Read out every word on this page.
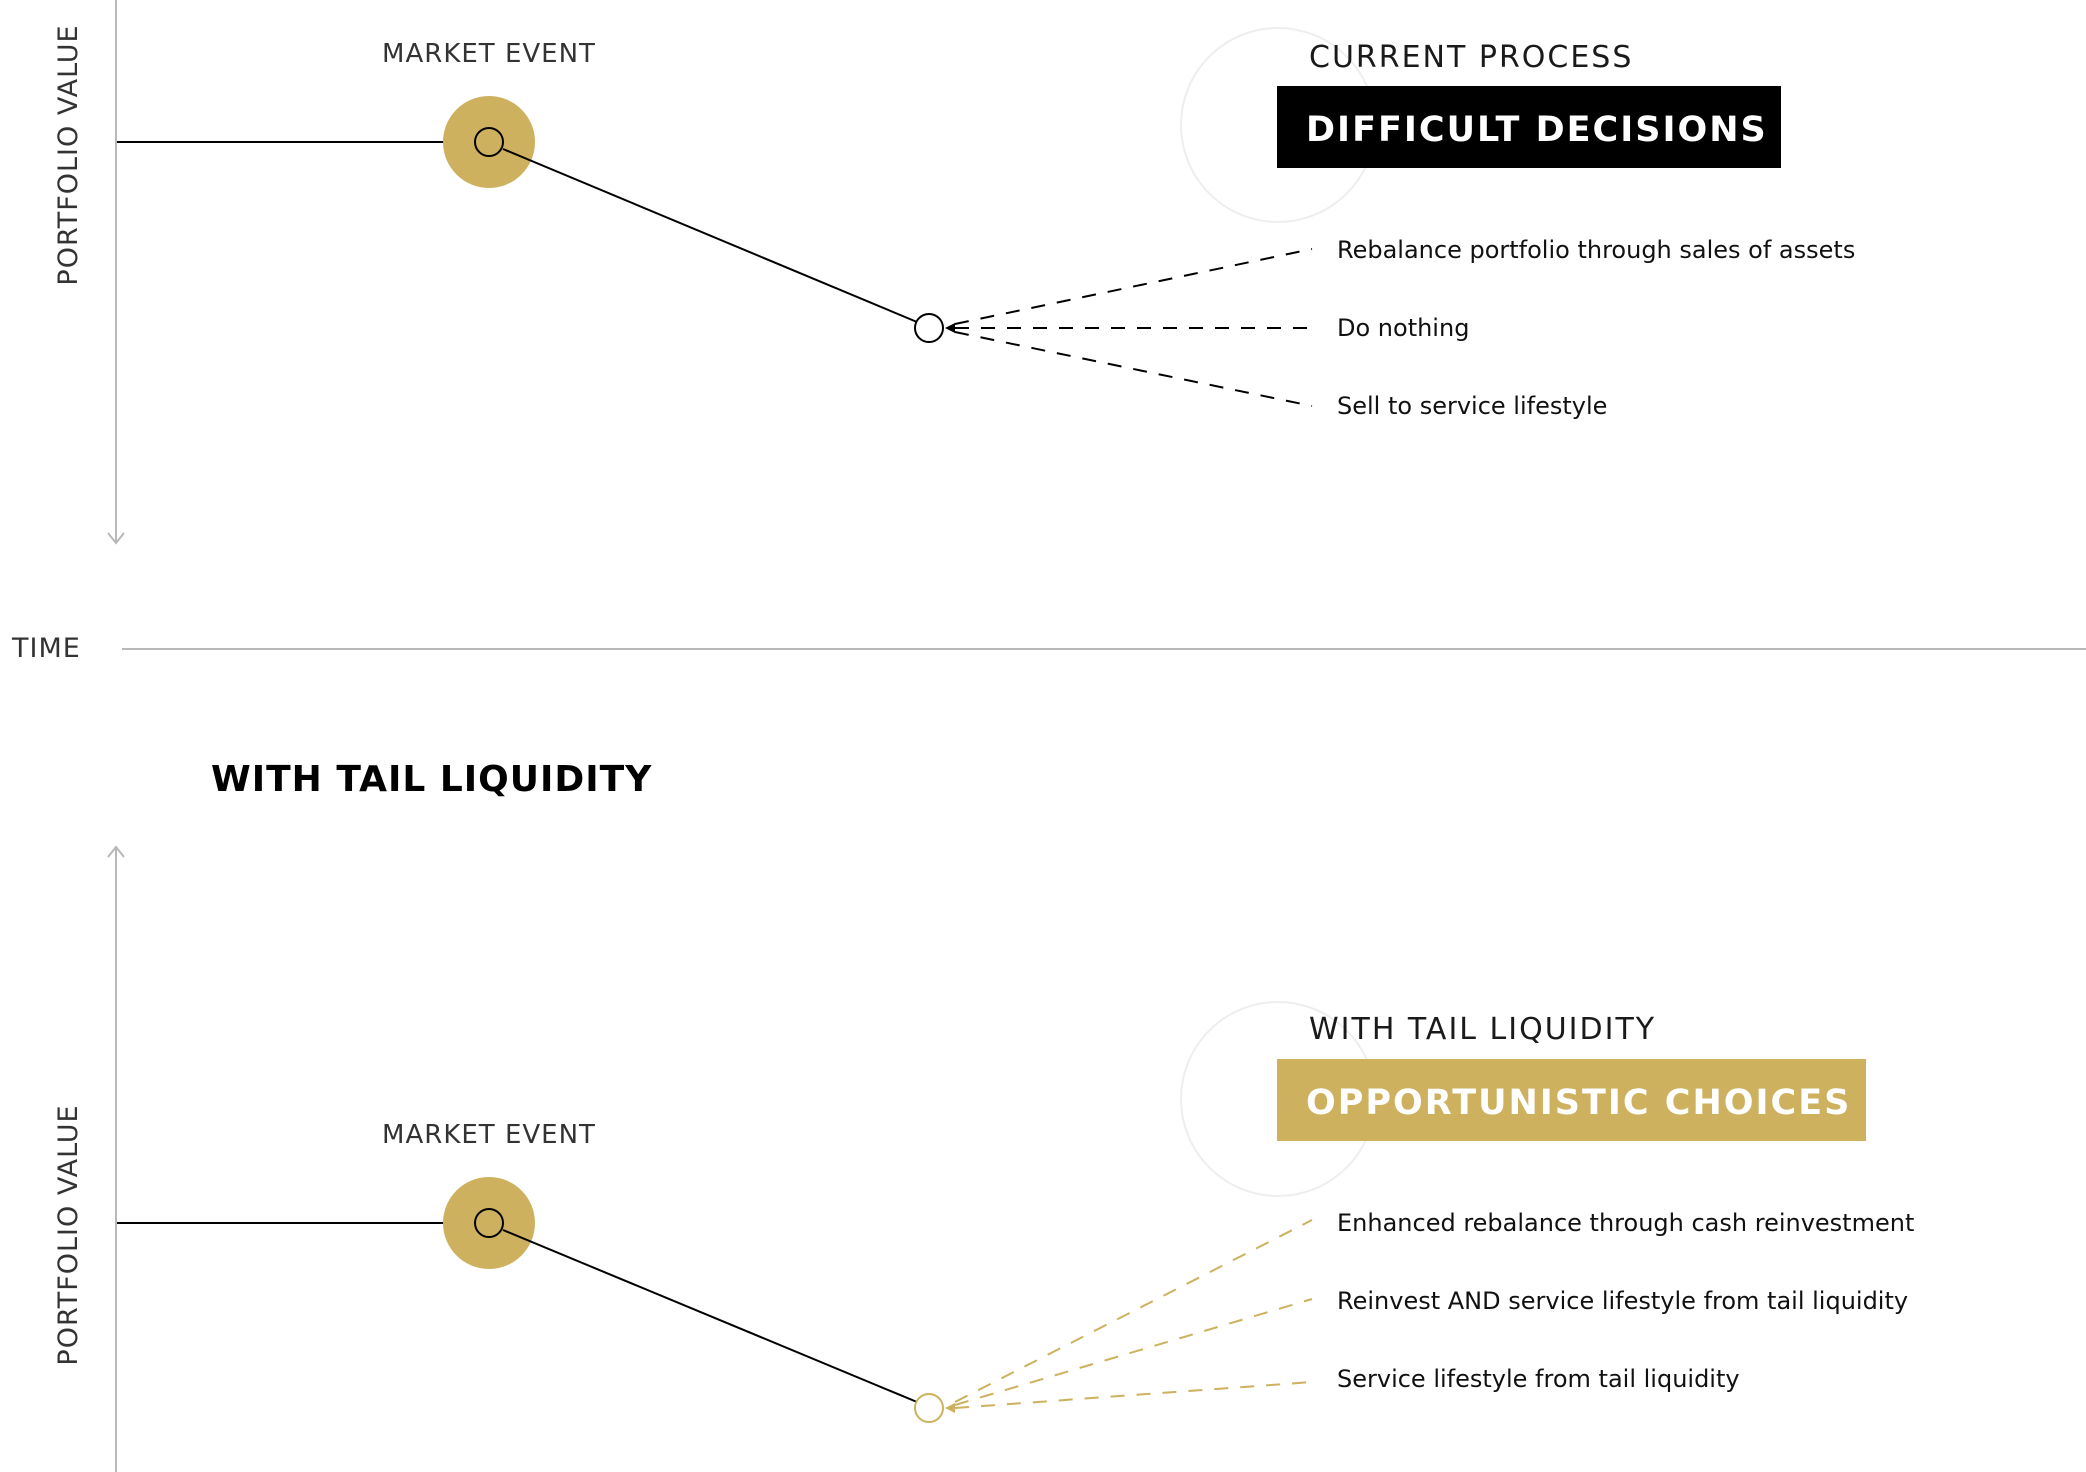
PORTFOLIO VALUE	MARKET EVENT
Rebalance portfolio through sales of assets
Do nothing
Sell to service lifestyle
CURRENT PROCESS
DIFFICULT DECISIONS
TIME
WITH TAIL LIQUIDITY
PORTFOLIO VALUE	MARKET EVENT
Enhanced rebalance through cash reinvestment
Reinvest AND service lifestyle from tail liquidity
Service lifestyle from tail liquidity
WITH TAIL LIQUIDITY
OPPORTUNISTIC CHOICES
